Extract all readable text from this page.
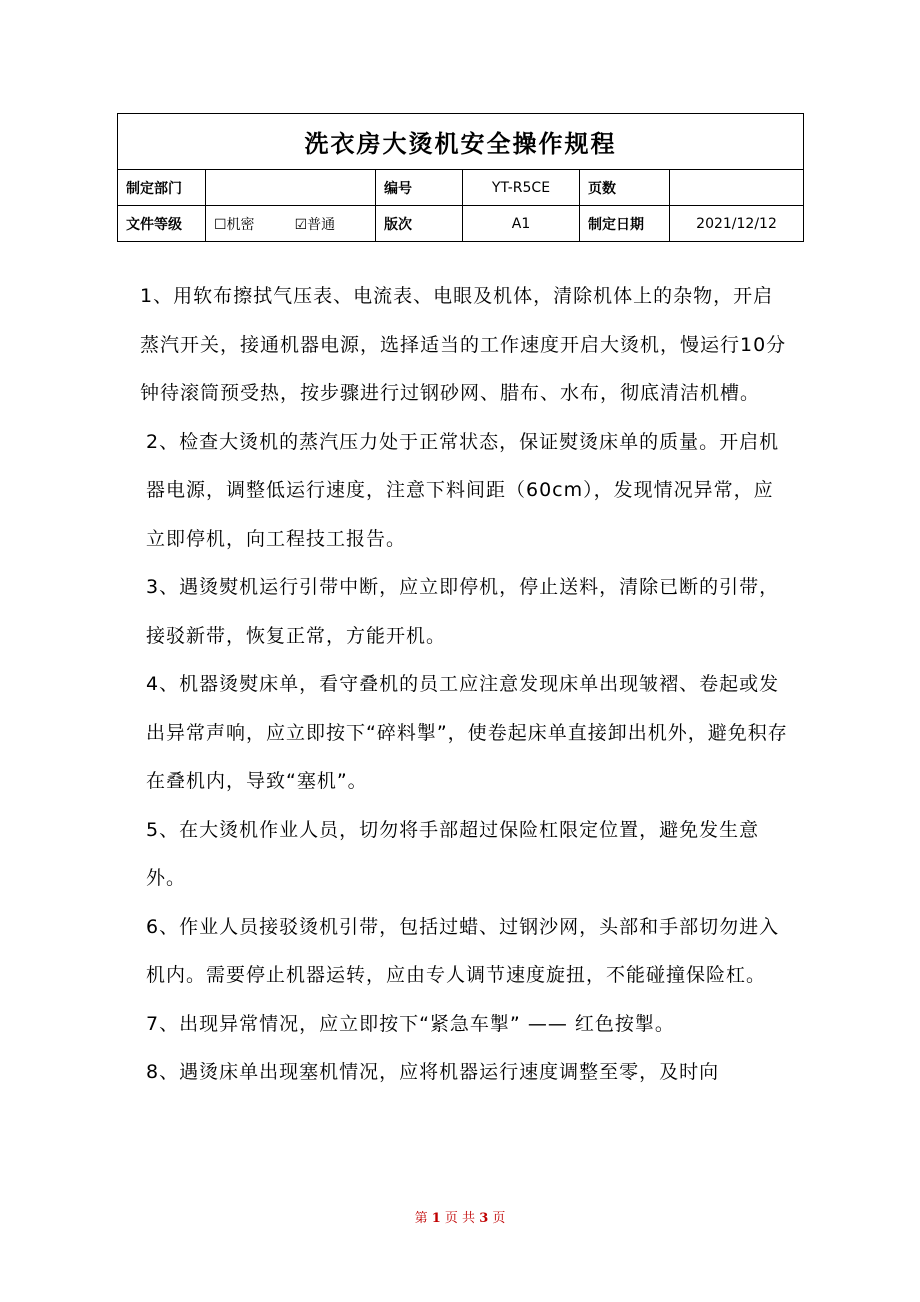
洗衣房大烫机安全操作规程					
制定部门		编号	YT-R5CE	页数	
文件等级	☐机密 ☑普通	版次	A1	制定日期	2021/12/12

1、用软布擦拭气压表、电流表、电眼及机体，清除机体上的杂物，开启蒸汽开关，接通机器电源，选择适当的工作速度开启大烫机，慢运行10分钟待滚筒预受热，按步骤进行过钢砂网、腊布、水布，彻底清洁机槽。

2、检查大烫机的蒸汽压力处于正常状态，保证熨烫床单的质量。开启机器电源，调整低运行速度，注意下料间距（60cm），发现情况异常，应立即停机，向工程技工报告。

3、遇烫熨机运行引带中断，应立即停机，停止送料，清除已断的引带，接驳新带，恢复正常，方能开机。

4、机器烫熨床单，看守叠机的员工应注意发现床单出现皱褶、卷起或发出异常声响，应立即按下“碎料掣”，使卷起床单直接卸出机外，避免积存在叠机内，导致“塞机”。

5、在大烫机作业人员，切勿将手部超过保险杠限定位置，避免发生意外。

6、作业人员接驳烫机引带，包括过蜡、过钢沙网，头部和手部切勿进入机内。需要停止机器运转，应由专人调节速度旋扭，不能碰撞保险杠。

7、出现异常情况，应立即按下“紧急车掣” —— 红色按掣。

8、遇烫床单出现塞机情况，应将机器运行速度调整至零，及时向

第 1 页 共 3 页
